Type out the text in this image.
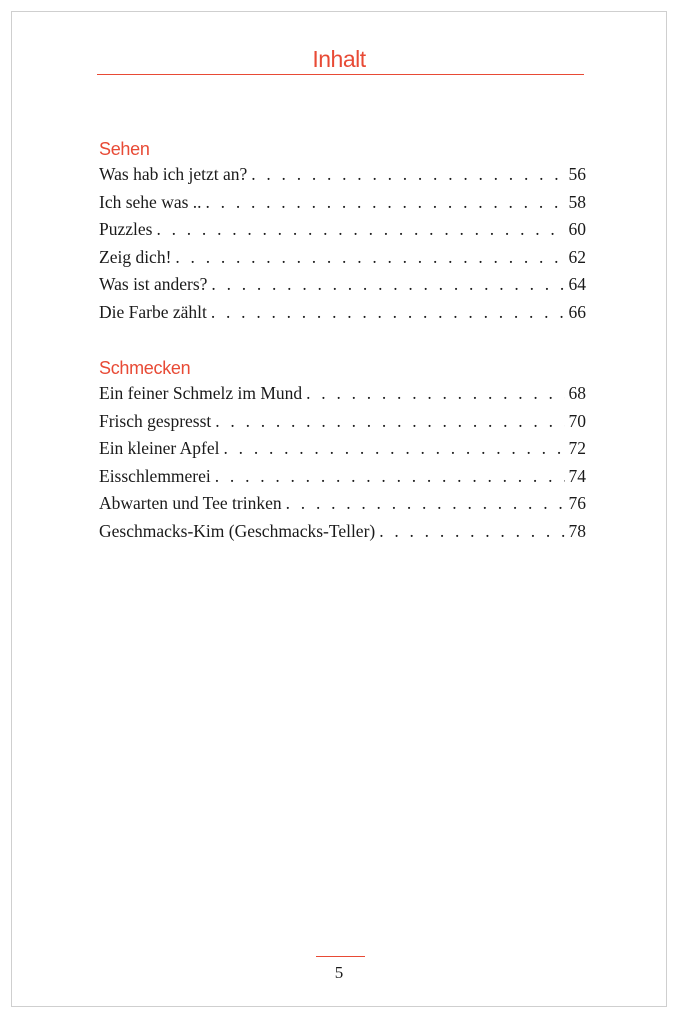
Inhalt
Sehen
Was hab ich jetzt an? . . .	56
Ich sehe was .. . . .	58
Puzzles . . .	60
Zeig dich! . . .	62
Was ist anders? . . .	64
Die Farbe zählt . . .	66
Schmecken
Ein feiner Schmelz im Mund . . .	68
Frisch gespresst . . .	70
Ein kleiner Apfel . . .	72
Eisschlemmerei . . .	74
Abwarten und Tee trinken . . .	76
Geschmacks-Kim (Geschmacks-Teller) . . .	78
5
